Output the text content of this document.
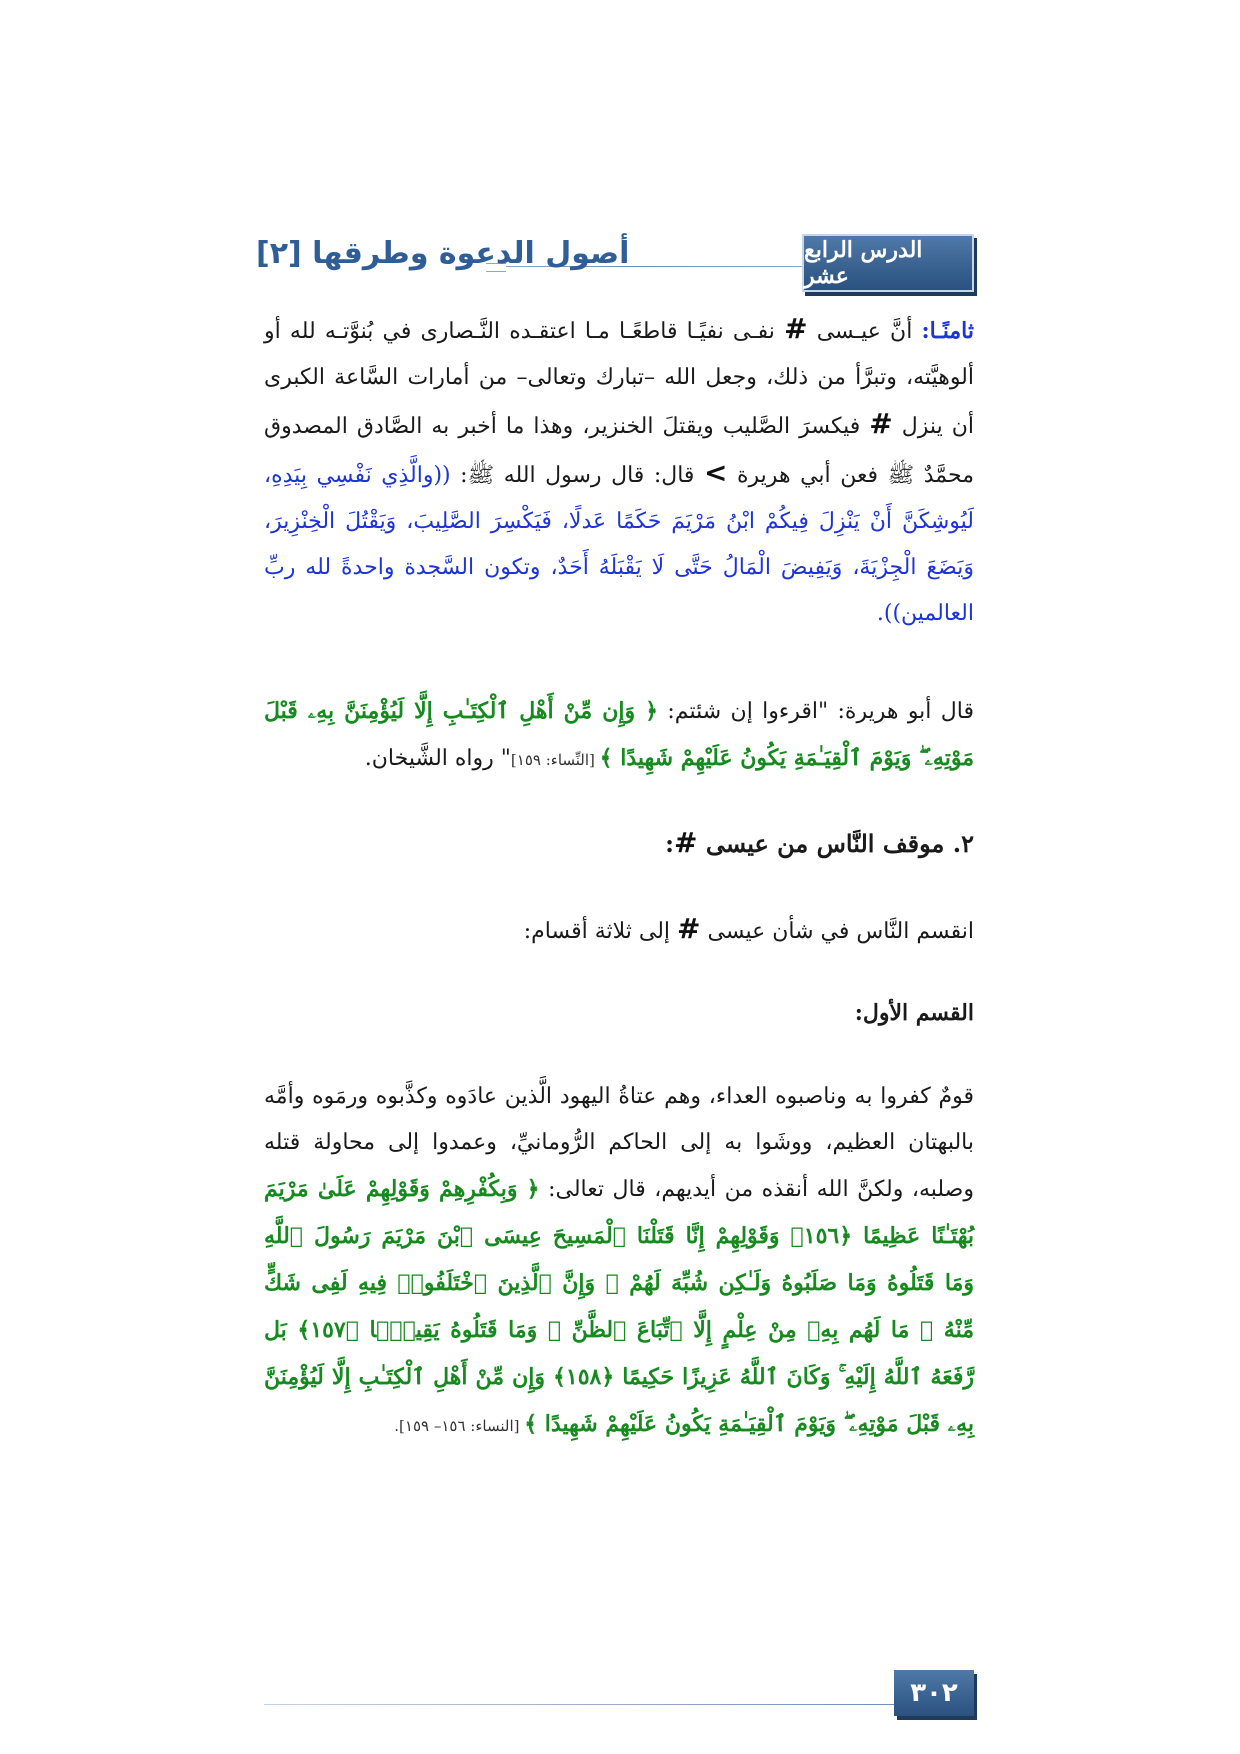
الدرس الرابع عشر
أصول الدعوة وطرقها [٢]

ثامنًـا: أنَّ عيـسى # نفـى نفيًـا قاطعًـا مـا اعتقـده النَّـصارى في بُنوَّتـه لله أو ألوهيَّته، وتبرَّأ من ذلك، وجعل الله –تبارك وتعالى– من أمارات السَّاعة الكبرى أن ينزل # فيكسرَ الصَّليب ويقتلَ الخنزير، وهذا ما أخبر به الصَّادق المصدوق محمَّدٌ ﷺ فعن أبي هريرة > قال: قال رسول الله ﷺ: ((والَّذِي نَفْسِي بِيَدِهِ، لَيُوشِكَنَّ أَنْ يَنْزِلَ فِيكُمْ ابْنُ مَرْيَمَ حَكَمًا عَدلًا، فَيَكْسِرَ الصَّلِيبَ، وَيَقْتُلَ الْخِنْزِيرَ، وَيَضَعَ الْجِزْيَةَ، وَيَفِيضَ الْمَالُ حَتَّى لَا يَقْبَلَهُ أَحَدٌ، وتكون السَّجدة واحدةً لله ربِّ العالمين)).

قال أبو هريرة: "اقرءوا إن شئتم: ﴿ وَإِن مِّنْ أَهْلِ ٱلْكِتَـٰبِ إِلَّا لَيُؤْمِنَنَّ بِهِۦ قَبْلَ مَوْتِهِۦ ۖ وَيَوْمَ ٱلْقِيَـٰمَةِ يَكُونُ عَلَيْهِمْ شَهِيدًا ﴾ [النِّساء: ١٥٩]" رواه الشَّيخان.

٢. موقف النَّاس من عيسى #:

انقسم النَّاس في شأن عيسى # إلى ثلاثة أقسام:

القسم الأول:

قومٌ كفروا به وناصبوه العداء، وهم عتاةُ اليهود الَّذين عادَوه وكذَّبوه ورمَوه وأمَّه بالبهتان العظيم، ووشَوا به إلى الحاكم الرُّومانيِّ، وعمدوا إلى محاولة قتله وصلبه، ولكنَّ الله أنقذه من أيديهم، قال تعالى: ﴿ وَبِكُفْرِهِمْ وَقَوْلِهِمْ عَلَىٰ مَرْيَمَ بُهْتَـٰنًا عَظِيمًا ﴿١٥٦﴾ وَقَوْلِهِمْ إِنَّا قَتَلْنَا ٱلْمَسِيحَ عِيسَى ٱبْنَ مَرْيَمَ رَسُولَ ٱللَّهِ وَمَا قَتَلُوهُ وَمَا صَلَبُوهُ وَلَـٰكِن شُبِّهَ لَهُمْ ۚ وَإِنَّ ٱلَّذِينَ ٱخْتَلَفُوا۟ فِيهِ لَفِى شَكٍّ مِّنْهُ ۚ مَا لَهُم بِهِۦ مِنْ عِلْمٍ إِلَّا ٱتِّبَاعَ ٱلظَّنِّ ۚ وَمَا قَتَلُوهُ يَقِينًۢا ﴿١٥٧﴾ بَل رَّفَعَهُ ٱللَّهُ إِلَيْهِ ۚ وَكَانَ ٱللَّهُ عَزِيزًا حَكِيمًا ﴿١٥٨﴾ وَإِن مِّنْ أَهْلِ ٱلْكِتَـٰبِ إِلَّا لَيُؤْمِنَنَّ بِهِۦ قَبْلَ مَوْتِهِۦ ۖ وَيَوْمَ ٱلْقِيَـٰمَةِ يَكُونُ عَلَيْهِمْ شَهِيدًا ﴾ [النساء: ١٥٦– ١٥٩].

٣٠٢
